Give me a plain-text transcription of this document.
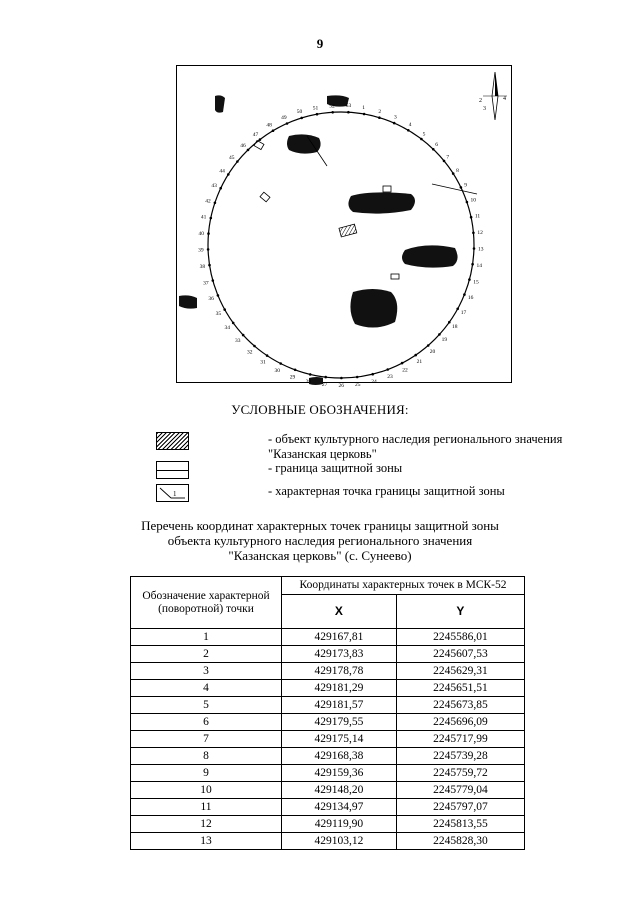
9
1
2
3
4
5
6
7
8
9
10
11
12
13
14
15
16
17
18
19
20
21
22
23
24
25
26
27
28
29
30
31
32
33
34
35
36
37
38
39
40
41
42
43
44
45
46
47
48
49
50
51 52 53
2
3
4
УСЛОВНЫЕ ОБОЗНАЧЕНИЯ:
- объект культурного наследия регионального значения "Казанская церковь"
- граница защитной зоны
1	- характерная точка границы защитной зоны
Перечень координат характерных точек границы защитной зоны
объекта культурного наследия регионального значения
"Казанская церковь" (с. Сунеево)
Обозначение характерной (поворотной) точки	Координаты характерных точек в МСК-52	
	X	Y
1	429167,81	2245586,01
2	429173,83	2245607,53
3	429178,78	2245629,31
4	429181,29	2245651,51
5	429181,57	2245673,85
6	429179,55	2245696,09
7	429175,14	2245717,99
8	429168,38	2245739,28
9	429159,36	2245759,72
10	429148,20	2245779,04
11	429134,97	2245797,07
12	429119,90	2245813,55
13	429103,12	2245828,30
